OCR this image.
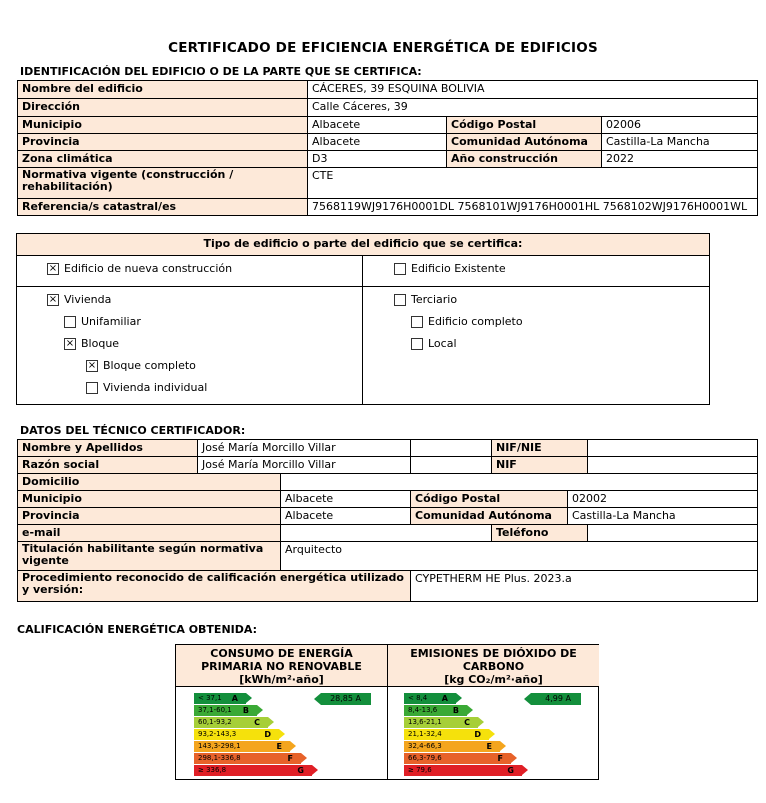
CERTIFICADO DE EFICIENCIA ENERGÉTICA DE EDIFICIOS
IDENTIFICACIÓN DEL EDIFICIO O DE LA PARTE QUE SE CERTIFICA:
Nombre del edificio	CÁCERES, 39 ESQUINA BOLIVIA		
Dirección	Calle Cáceres, 39		
Municipio	Albacete	Código Postal	02006
Provincia	Albacete	Comunidad Autónoma	Castilla-La Mancha
Zona climática	D3	Año construcción	2022
Normativa vigente (construcción / rehabilitación)	CTE		
Referencia/s catastral/es	7568119WJ9176H0001DL 7568101WJ9176H0001HL 7568102WJ9176H0001WL		
Tipo de edificio o parte del edificio que se certifica:
× Edificio de nueva construcción	Edificio Existente
× Vivienda
Unifamiliar
× Bloque
× Bloque completo
Vivienda individual
Terciario
Edificio completo
Local
DATOS DEL TÉCNICO CERTIFICADOR:
Nombre y Apellidos	José María Morcillo Villar			NIF/NIE		
Razón social	José María Morcillo Villar			NIF		
Domicilio						
Municipio		Albacete	Código Postal		02002	
Provincia		Albacete	Comunidad Autónoma		Castilla-La Mancha	
e-mail				Teléfono		
Titulación habilitante según normativa vigente		Arquitecto				
Procedimiento reconocido de calificación energética utilizado y versión:			CYPETHERM HE Plus. 2023.a			
CALIFICACIÓN ENERGÉTICA OBTENIDA:
CONSUMO DE ENERGÍA
PRIMARIA NO RENOVABLE
[kWh/m²·año]
EMISIONES DE DIÓXIDO DE
CARBONO
[kg CO₂/m²·año]
< 37,1 A
37,1-60,1 B
60,1-93,2	C
93,2-143,3	D
143,3-298,1	E
298,1-336,8	F
≥ 336,8	G
28,85 A	< 8,4 A
8,4-13,6 B
13,6-21,1	C
21,1-32,4	D
32,4-66,3	E
66,3-79,6	F
≥ 79,6	G
4,99 A
